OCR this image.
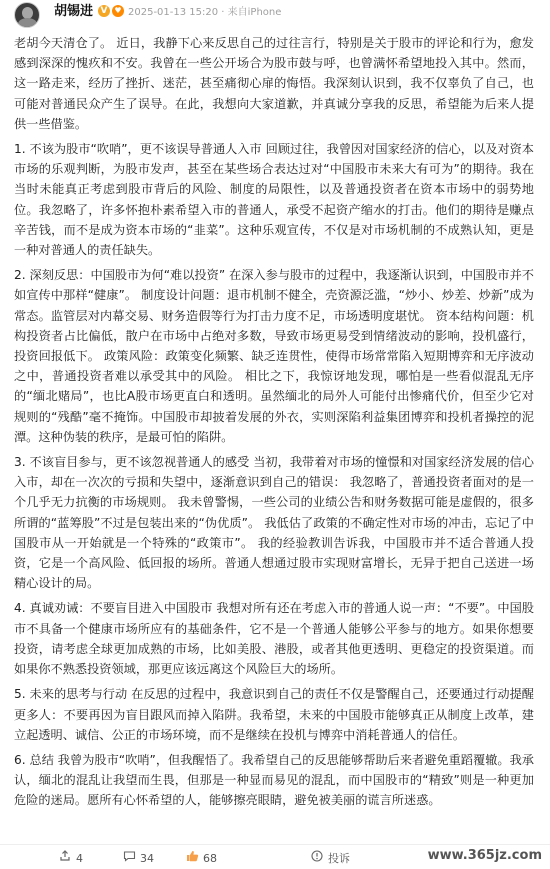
胡锡进 V ♥ 2025-01-13 15:20 · 来自iPhone

老胡今天清仓了。 近日，我静下心来反思自己的过往言行，特别是关于股市的评论和行为，愈发感到深深的愧疚和不安。我曾在一些公开场合为股市鼓与呼，也曾满怀希望地投入其中。然而，这一路走来，经历了挫折、迷茫，甚至痛彻心扉的悔悟。我深刻认识到，我不仅辜负了自己，也可能对普通民众产生了误导。在此，我想向大家道歉，并真诚分享我的反思，希望能为后来人提供一些借鉴。

1. 不该为股市“吹哨”，更不该误导普通人入市 回顾过往，我曾因对国家经济的信心，以及对资本市场的乐观判断，为股市发声，甚至在某些场合表达过对“中国股市未来大有可为”的期待。我在当时未能真正考虑到股市背后的风险、制度的局限性，以及普通投资者在资本市场中的弱势地位。我忽略了，许多怀抱朴素希望入市的普通人，承受不起资产缩水的打击。他们的期待是赚点辛苦钱，而不是成为资本市场的“韭菜”。这种乐观宣传，不仅是对市场机制的不成熟认知，更是一种对普通人的责任缺失。

2. 深刻反思：中国股市为何“难以投资” 在深入参与股市的过程中，我逐渐认识到，中国股市并不如宣传中那样“健康”。 制度设计问题：退市机制不健全，壳资源泛滥，“炒小、炒差、炒新”成为常态。监管层对内幕交易、财务造假等行为打击力度不足，市场透明度堪忧。 资本结构问题：机构投资者占比偏低，散户在市场中占绝对多数，导致市场更易受到情绪波动的影响，投机盛行，投资回报低下。 政策风险：政策变化频繁、缺乏连贯性，使得市场常常陷入短期博弈和无序波动之中，普通投资者难以承受其中的风险。 相比之下，我惊讶地发现，哪怕是一些看似混乱无序的“缅北赌局”，也比A股市场更直白和透明。虽然缅北的局外人可能付出惨痛代价，但至少它对规则的“残酷”毫不掩饰。中国股市却披着发展的外衣，实则深陷利益集团博弈和投机者操控的泥潭。这种伪装的秩序，是最可怕的陷阱。

3. 不该盲目参与，更不该忽视普通人的感受 当初，我带着对市场的憧憬和对国家经济发展的信心入市，却在一次次的亏损和失望中，逐渐意识到自己的错误： 我忽略了，普通投资者面对的是一个几乎无力抗衡的市场规则。 我未曾警惕，一些公司的业绩公告和财务数据可能是虚假的，很多所谓的“蓝筹股”不过是包装出来的“伪优质”。 我低估了政策的不确定性对市场的冲击，忘记了中国股市从一开始就是一个特殊的“政策市”。 我的经验教训告诉我，中国股市并不适合普通人投资，它是一个高风险、低回报的场所。普通人想通过股市实现财富增长，无异于把自己送进一场精心设计的局。

4. 真诚劝诫：不要盲目进入中国股市 我想对所有还在考虑入市的普通人说一声：“不要”。中国股市不具备一个健康市场所应有的基础条件，它不是一个普通人能够公平参与的地方。如果你想要投资，请考虑全球更加成熟的市场，比如美股、港股，或者其他更透明、更稳定的投资渠道。而如果你不熟悉投资领域，那更应该远离这个风险巨大的场所。

5. 未来的思考与行动 在反思的过程中，我意识到自己的责任不仅是警醒自己，还要通过行动提醒更多人：不要再因为盲目跟风而掉入陷阱。我希望，未来的中国股市能够真正从制度上改革，建立起透明、诚信、公正的市场环境，而不是继续在投机与博弈中消耗普通人的信任。

6. 总结 我曾为股市“吹哨”，但我醒悟了。我希望自己的反思能够帮助后来者避免重蹈覆辙。我承认，缅北的混乱让我望而生畏，但那是一种显而易见的混乱，而中国股市的“精致”则是一种更加危险的迷局。愿所有心怀希望的人，能够擦亮眼睛，避免被美丽的谎言所迷惑。

4	34	68	投诉	www.365jz.com
